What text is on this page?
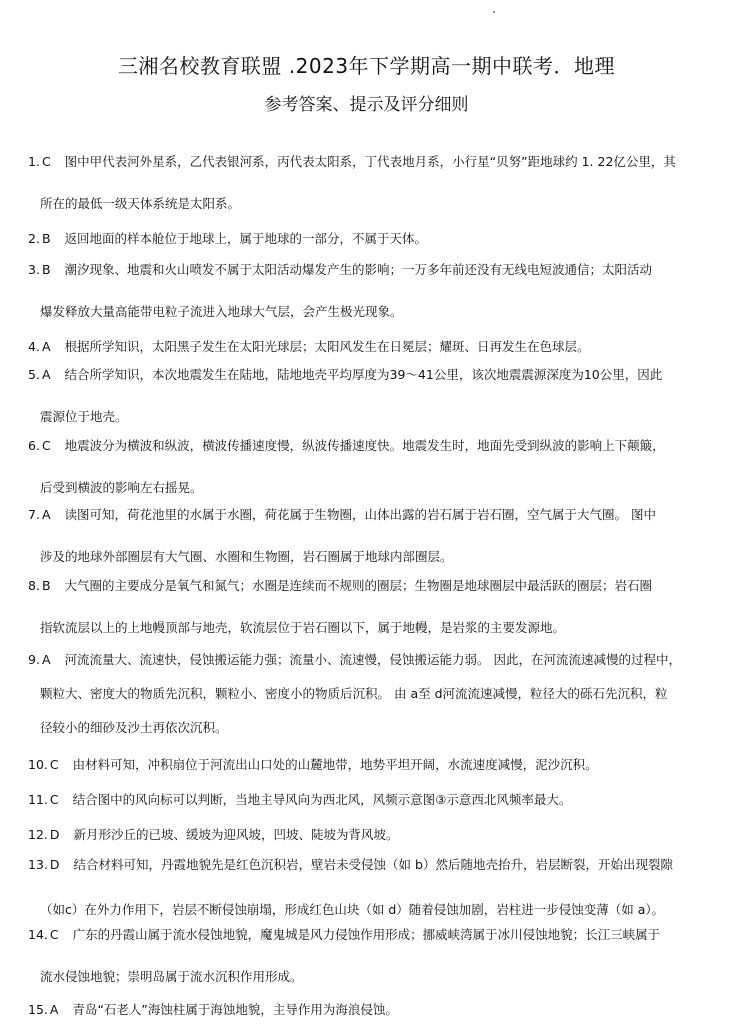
三湘名校教育联盟 .2023年下学期高一期中联考．地理
参考答案、提示及评分细则
1. C 图中甲代表河外星系，乙代表银河系，丙代表太阳系，丁代表地月系，小行星“贝努”距地球约 1. 22亿公里，其
所在的最低一级天体系统是太阳系。
2. B 返回地面的样本舱位于地球上，属于地球的一部分，不属于天体。
3. B 潮汐现象、地震和火山喷发不属于太阳活动爆发产生的影响；一万多年前还没有无线电短波通信；太阳活动
爆发释放大量高能带电粒子流进入地球大气层，会产生极光现象。
4. A 根据所学知识，太阳黑子发生在太阳光球层；太阳风发生在日冕层；耀斑、日再发生在色球层。
5. A 结合所学知识，本次地震发生在陆地，陆地地壳平均厚度为39～41公里，该次地震震源深度为10公里，因此
震源位于地壳。
6. C 地震波分为横波和纵波，横波传播速度慢，纵波传播速度快。地震发生时，地面先受到纵波的影响上下颠簸，
后受到横波的影响左右摇晃。
7. A 读图可知，荷花池里的水属于水圈，荷花属于生物圈，山体出露的岩石属于岩石圈，空气属于大气圈。 图中
涉及的地球外部圈层有大气圈、水圈和生物圈，岩石圈属于地球内部圈层。
8. B 大气圈的主要成分是氧气和氮气；水圈是连续而不规则的圈层；生物圈是地球圈层中最活跃的圈层；岩石圈
指软流层以上的上地幔顶部与地壳，软流层位于岩石圈以下，属于地幔，是岩浆的主要发源地。
9. A 河流流量大、流速快，侵蚀搬运能力强；流量小、流速慢，侵蚀搬运能力弱。 因此，在河流流速减慢的过程中，
颗粒大、密度大的物质先沉积，颗粒小、密度小的物质后沉积。 由 a至 d河流流速减慢，粒径大的砾石先沉积，粒
径较小的细砂及沙土再依次沉积。
10. C 由材料可知，冲积扇位于河流出山口处的山麓地带，地势平坦开阔，水流速度减慢，泥沙沉积。
11. C 结合图中的风向标可以判断，当地主导风向为西北风，风频示意图③示意西北风频率最大。
12. D 新月形沙丘的已坡、缓坡为迎风坡，凹坡、陡坡为背风坡。
13. D 结合材料可知，丹霞地貌先是红色沉积岩，壁岩未受侵蚀（如 b）然后随地壳抬升，岩层断裂，开始出现裂隙
（如c）在外力作用下，岩层不断侵蚀崩塌，形成红色山块（如 d）随着侵蚀加剧，岩柱进一步侵蚀变薄（如 a）。
14. C 广东的丹霞山属于流水侵蚀地貌，魔鬼城是风力侵蚀作用形成；挪威峡湾属于冰川侵蚀地貌；长江三峡属于
流水侵蚀地貌；崇明岛属于流水沉积作用形成。
15. A 青岛“石老人”海蚀柱属于海蚀地貌，主导作用为海浪侵蚀。
